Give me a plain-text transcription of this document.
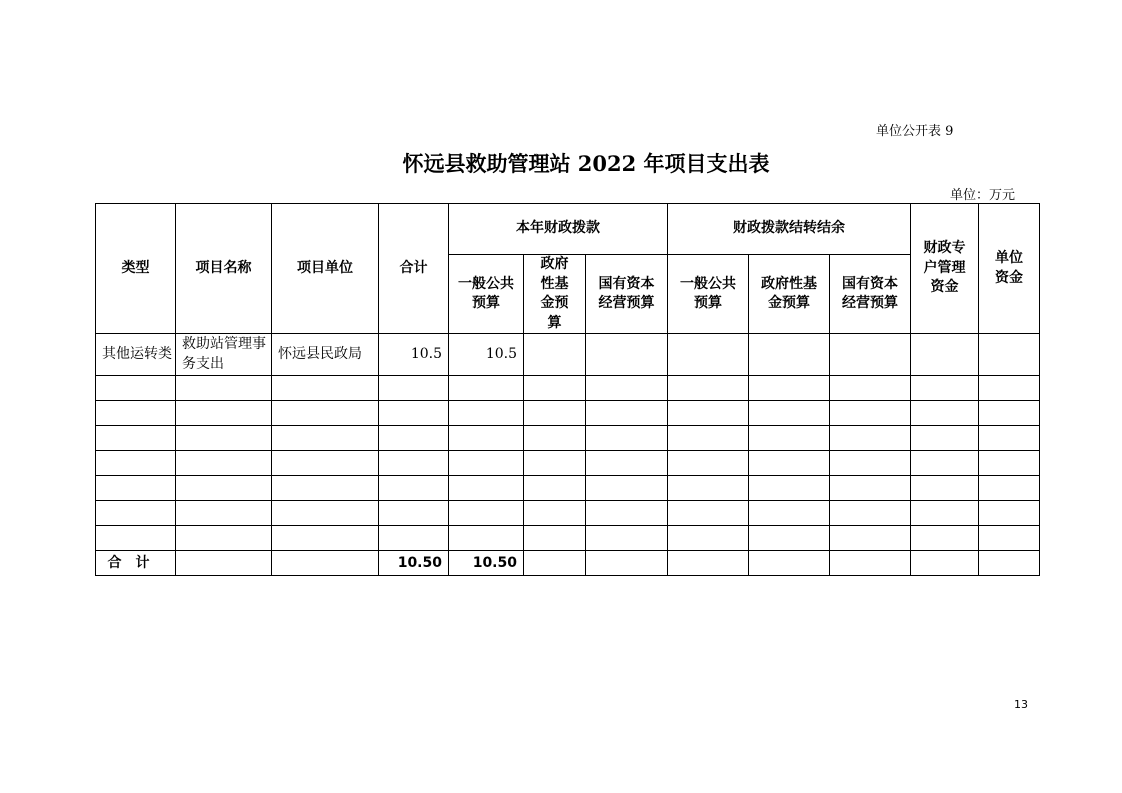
单位公开表 9
怀远县救助管理站 2022 年项目支出表
单位：万元
类型	项目名称	项目单位	合计	本年财政拨款			财政拨款结转结余			财政专户管理资金	单位资金
				一般公共预算	政府性基金预算	国有资本经营预算	一般公共预算	政府性基金预算	国有资本经营预算		
其他运转类	救助站管理事务支出	怀远县民政局	10.5	10.5							

合计			10.50	10.50							
13
